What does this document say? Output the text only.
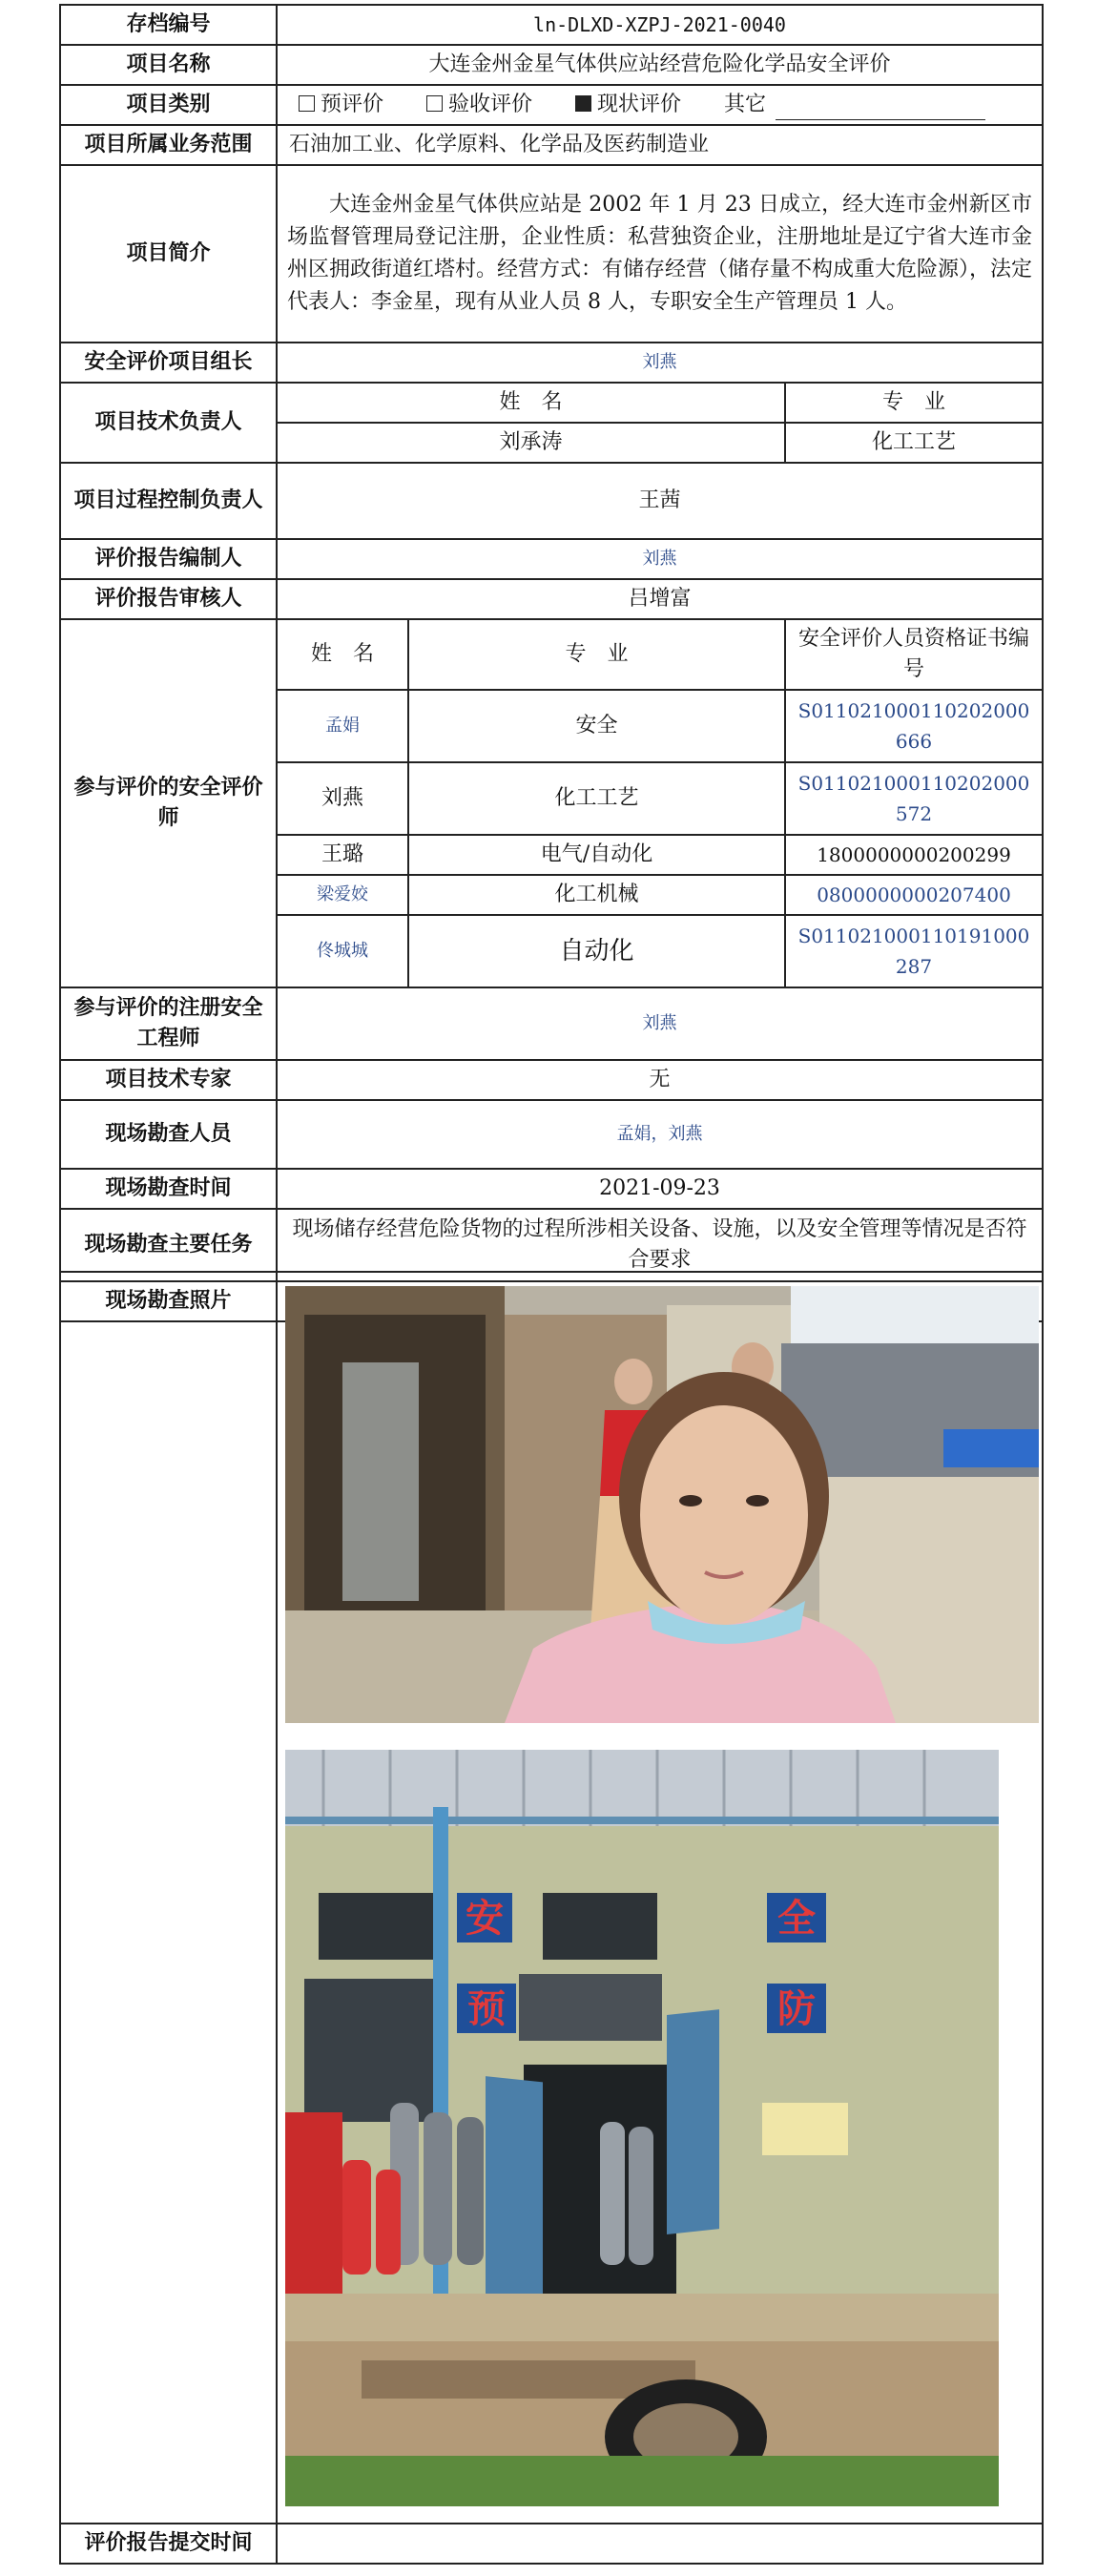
存档编号	ln-DLXD-XZPJ-2021-0040		
项目名称	大连金州金星气体供应站经营危险化学品安全评价		
项目类别	预评价 验收评价 现状评价 其它		
项目所属业务范围	石油加工业、化学原料、化学品及医药制造业		
项目简介	大连金州金星气体供应站是 2002 年 1 月 23 日成立，经大连市金州新区市场监督管理局登记注册，企业性质：私营独资企业，注册地址是辽宁省大连市金州区拥政街道红塔村。经营方式：有储存经营（储存量不构成重大危险源），法定代表人：李金星，现有从业人员 8 人，专职安全生产管理员 1 人。		
安全评价项目组长	刘燕		
项目技术负责人	姓　名		专　业
	刘承涛		化工工艺
项目过程控制负责人	王茜		
评价报告编制人	刘燕		
评价报告审核人	吕增富		
参与评价的安全评价师	姓　名	专　业	安全评价人员资格证书编号
	孟娟	安全	S011021000110202000666
	刘燕	化工工艺	S011021000110202000572
	王璐	电气/自动化	1800000000200299
	梁爱姣	化工机械	0800000000207400
	佟城城	自动化	S011021000110191000287
参与评价的注册安全工程师	刘燕		
项目技术专家	无		
现场勘查人员	孟娟，刘燕		
现场勘查时间	2021-09-23		
现场勘查主要任务	现场储存经营危险货物的过程所涉相关设备、设施，以及安全管理等情况是否符合要求		
现场勘查照片			

安 全
预 防

评价报告提交时间	
